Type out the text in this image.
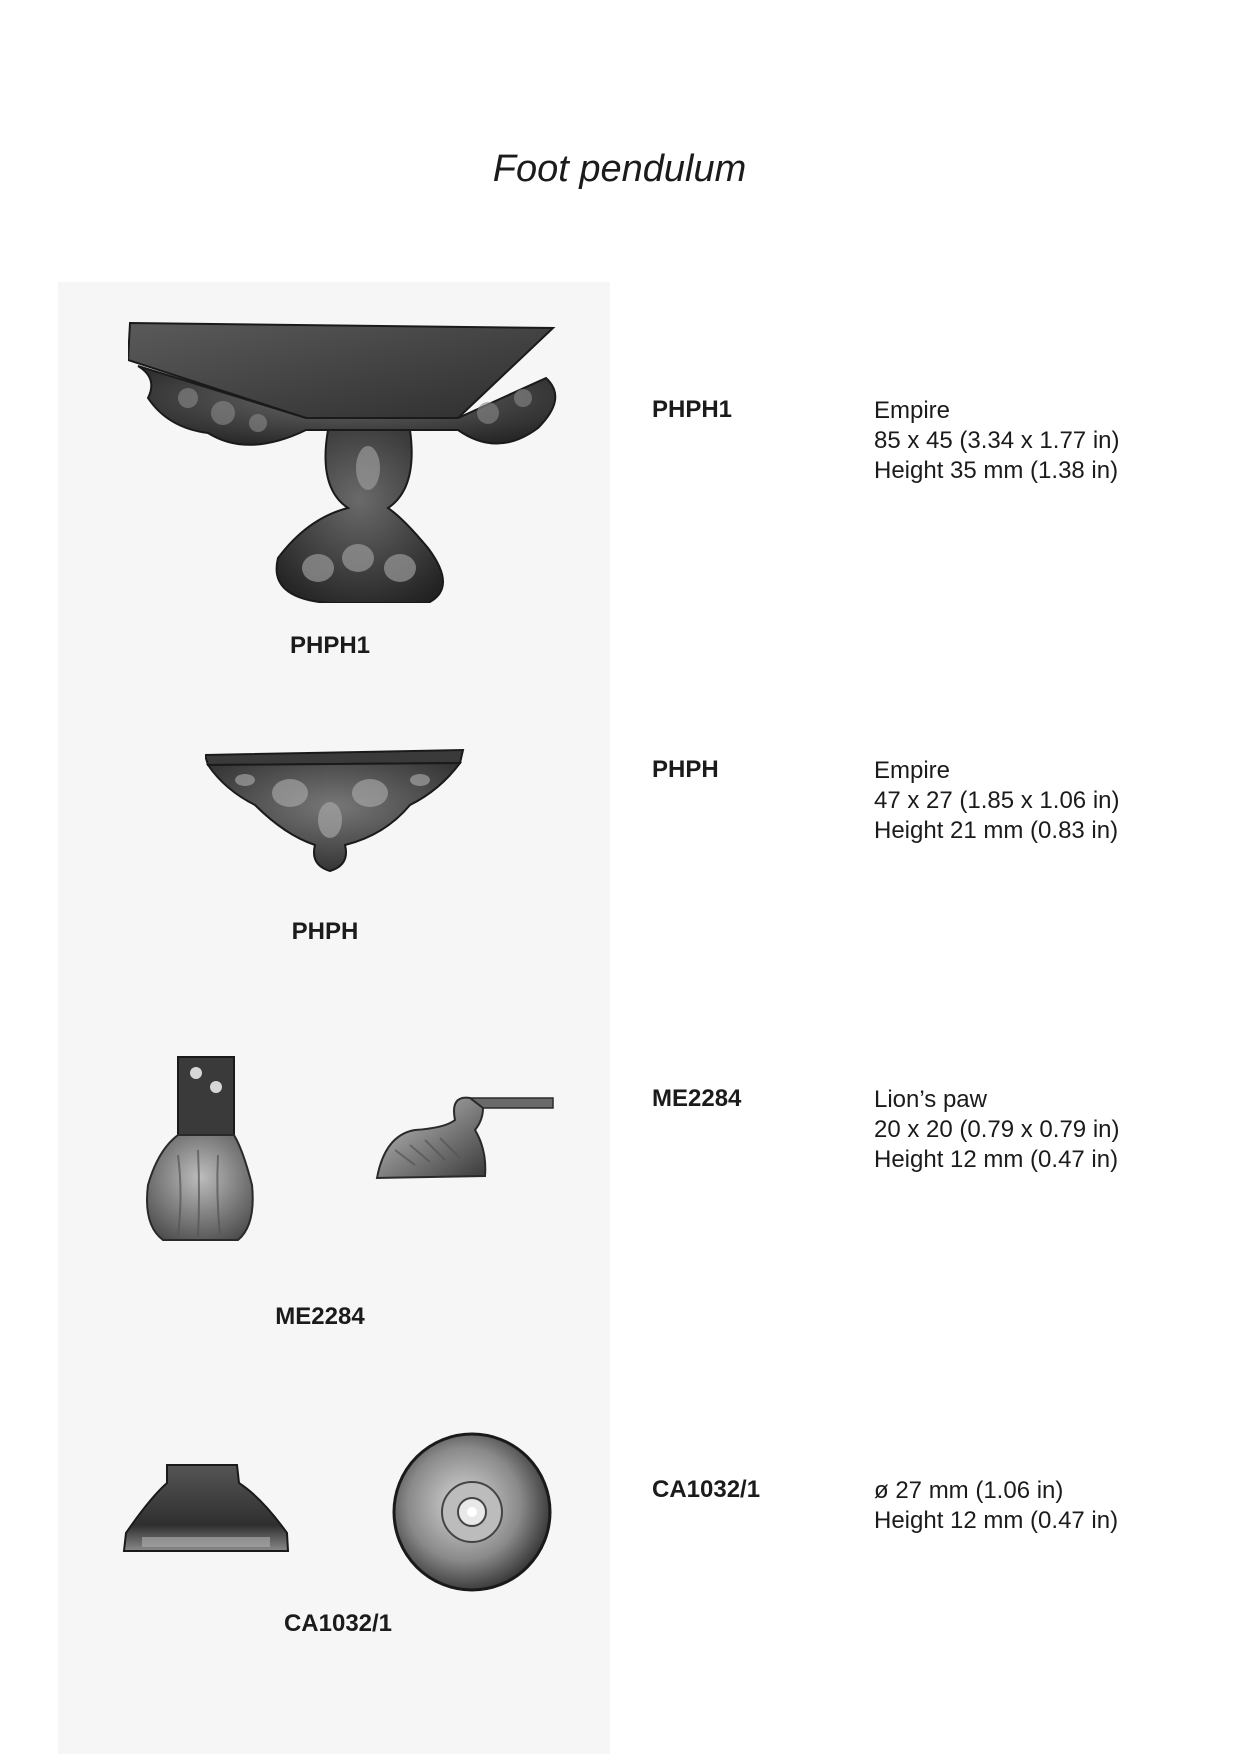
Foot pendulum
PHPH1
PHPH1	Empire
85 x 45 (3.34 x 1.77 in)
Height 35 mm (1.38 in)
PHPH
PHPH	Empire
47 x 27 (1.85 x 1.06 in)
Height 21 mm (0.83 in)
ME2284
ME2284	Lion’s paw
20 x 20 (0.79 x 0.79 in)
Height 12 mm (0.47 in)
CA1032/1
CA1032/1	ø 27 mm (1.06 in)
Height 12 mm (0.47 in)
